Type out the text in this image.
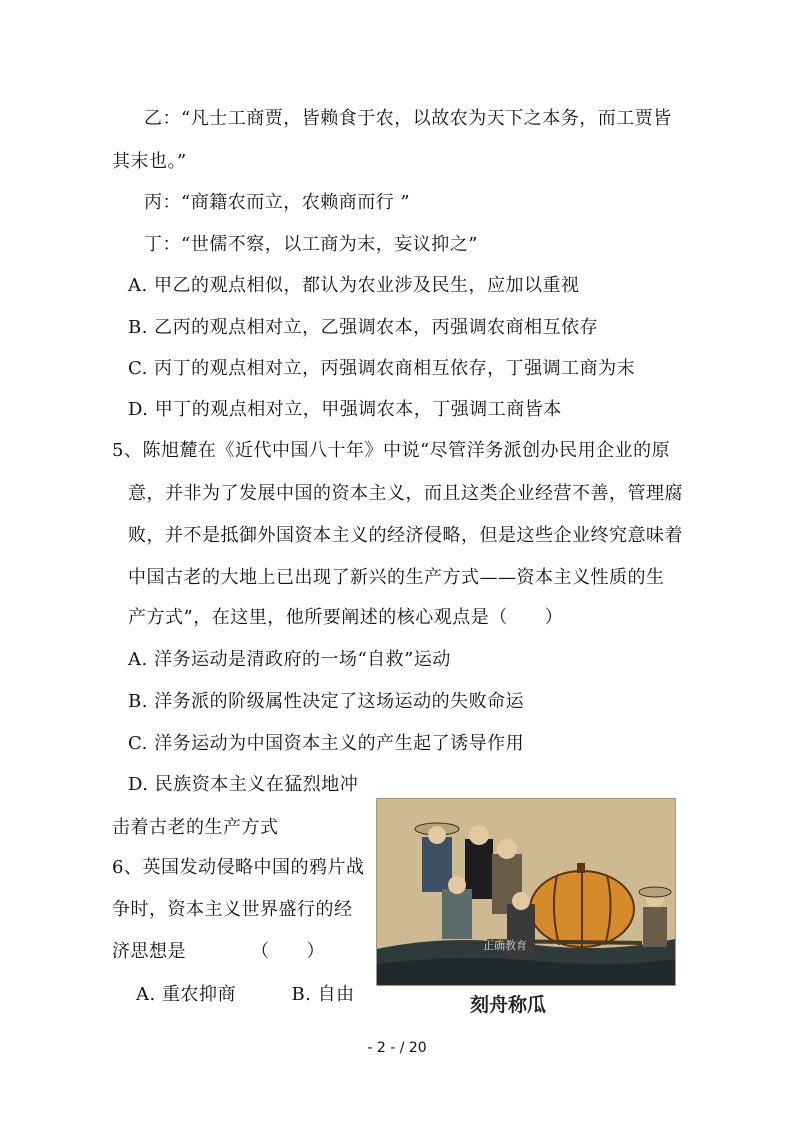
乙：“凡士工商贾，皆赖食于农，以故农为天下之本务，而工贾皆
其末也。”
丙：“商籍农而立，农赖商而行 ”
丁：“世儒不察，以工商为末，妄议抑之”
A. 甲乙的观点相似，都认为农业涉及民生，应加以重视
B. 乙丙的观点相对立，乙强调农本，丙强调农商相互依存
C. 丙丁的观点相对立，丙强调农商相互依存，丁强调工商为末
D. 甲丁的观点相对立，甲强调农本，丁强调工商皆本
5、陈旭麓在《近代中国八十年》中说“尽管洋务派创办民用企业的原
意，并非为了发展中国的资本主义，而且这类企业经营不善，管理腐
败，并不是抵御外国资本主义的经济侵略，但是这些企业终究意味着
中国古老的大地上已出现了新兴的生产方式——资本主义性质的生
产方式”，在这里，他所要阐述的核心观点是（　　）
A. 洋务运动是清政府的一场“自救”运动
B. 洋务派的阶级属性决定了这场运动的失败命运
C. 洋务运动为中国资本主义的产生起了诱导作用
D. 民族资本主义在猛烈地冲
击着古老的生产方式
6、英国发动侵略中国的鸦片战
争时，资本主义世界盛行的经
济思想是　　　　（　　）
A. 重农抑商　　　B. 自由
正确教育
刻舟称瓜
- 2 - / 20
